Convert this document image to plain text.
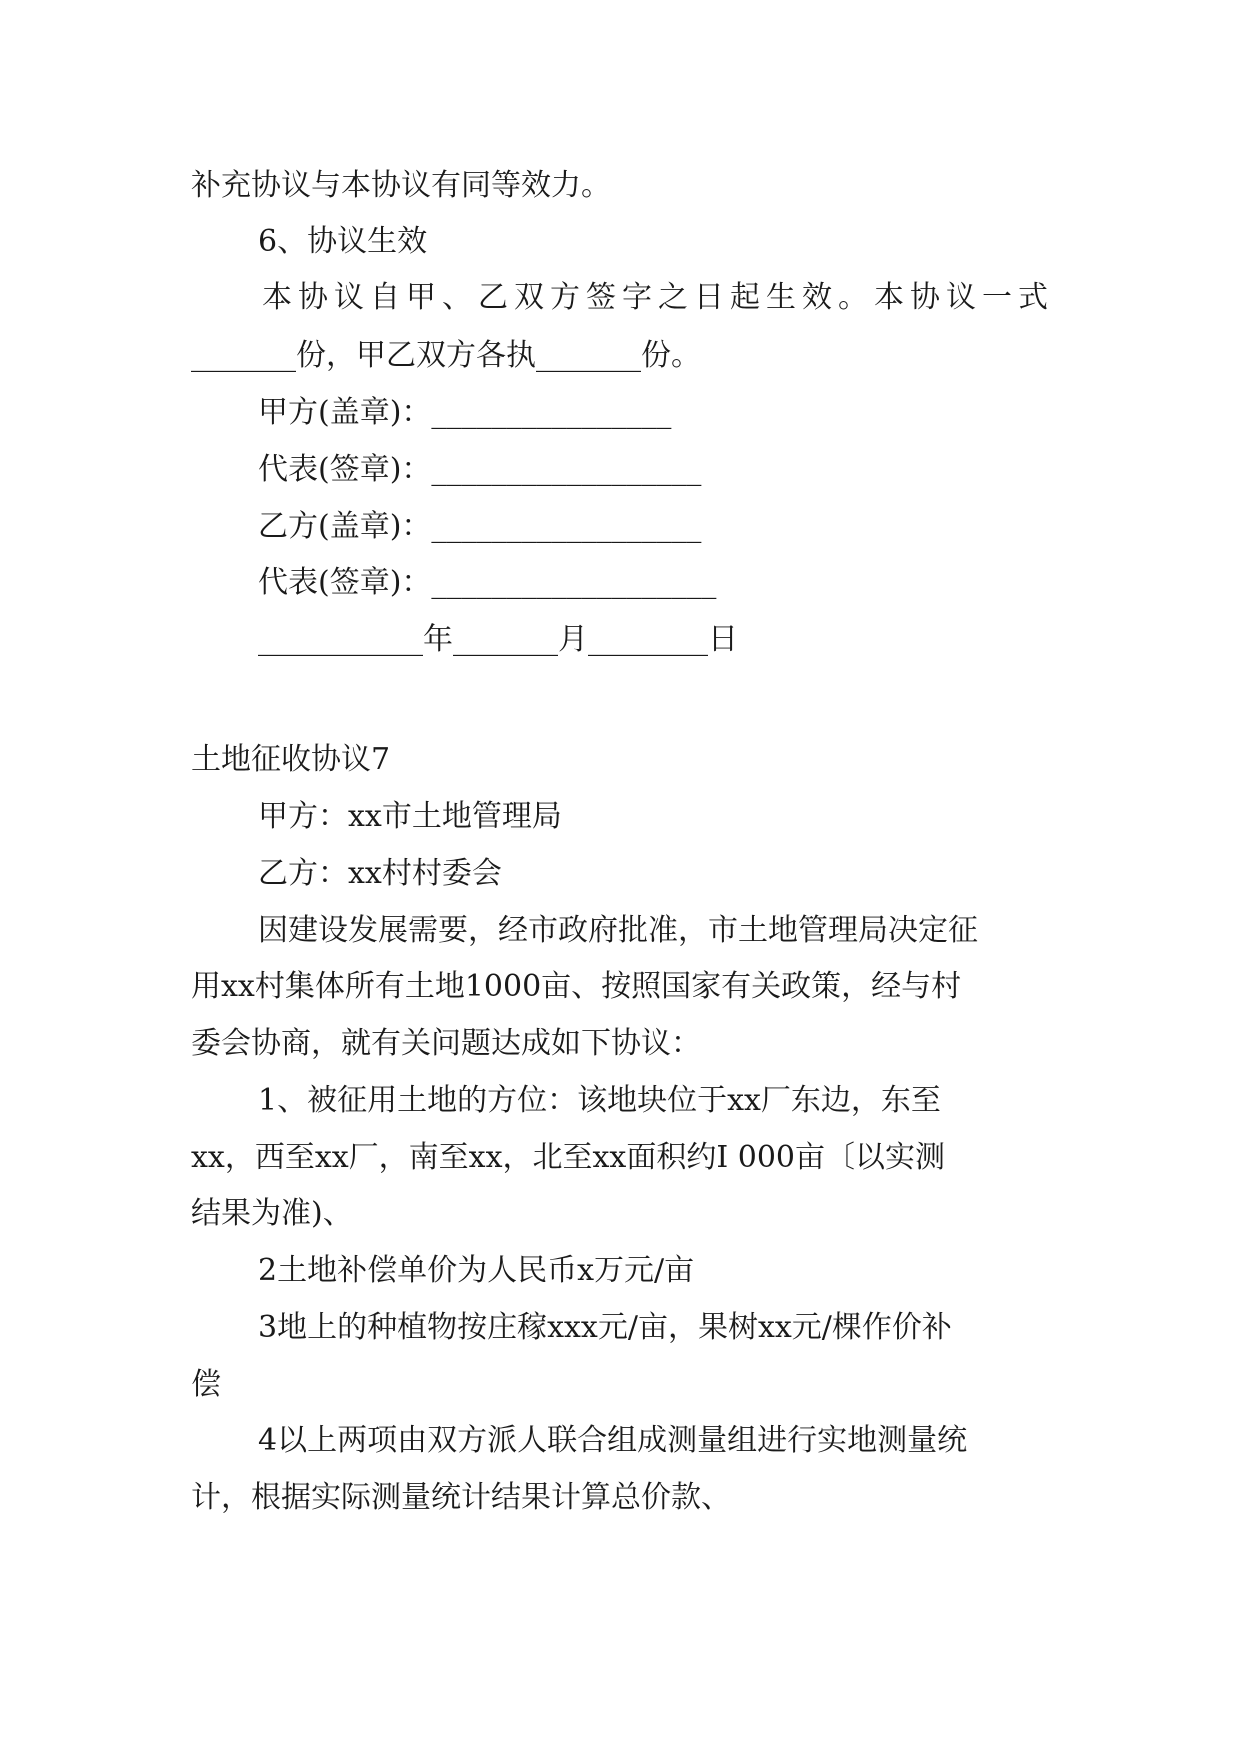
补充协议与本协议有同等效力。
6、协议生效
本协议自甲、乙双方签字之日起生效。本协议一式
_______份，甲乙双方各执_______份。
甲方(盖章)：________________
代表(签章)：__________________
乙方(盖章)：__________________
代表(签章)：___________________
___________年_______月________日
土地征收协议7
甲方：xx市土地管理局
乙方：xx村村委会
因建设发展需要，经市政府批准，市土地管理局决定征
用xx村集体所有土地1000亩、按照国家有关政策，经与村
委会协商，就有关问题达成如下协议：
1、被征用土地的方位：该地块位于xx厂东边，东至
xx，西至xx厂，南至xx，北至xx面积约I 000亩〔以实测
结果为准)、
2土地补偿单价为人民币x万元/亩
3地上的种植物按庄稼xxx元/亩，果树xx元/棵作价补
偿
4以上两项由双方派人联合组成测量组进行实地测量统
计，根据实际测量统计结果计算总价款、
